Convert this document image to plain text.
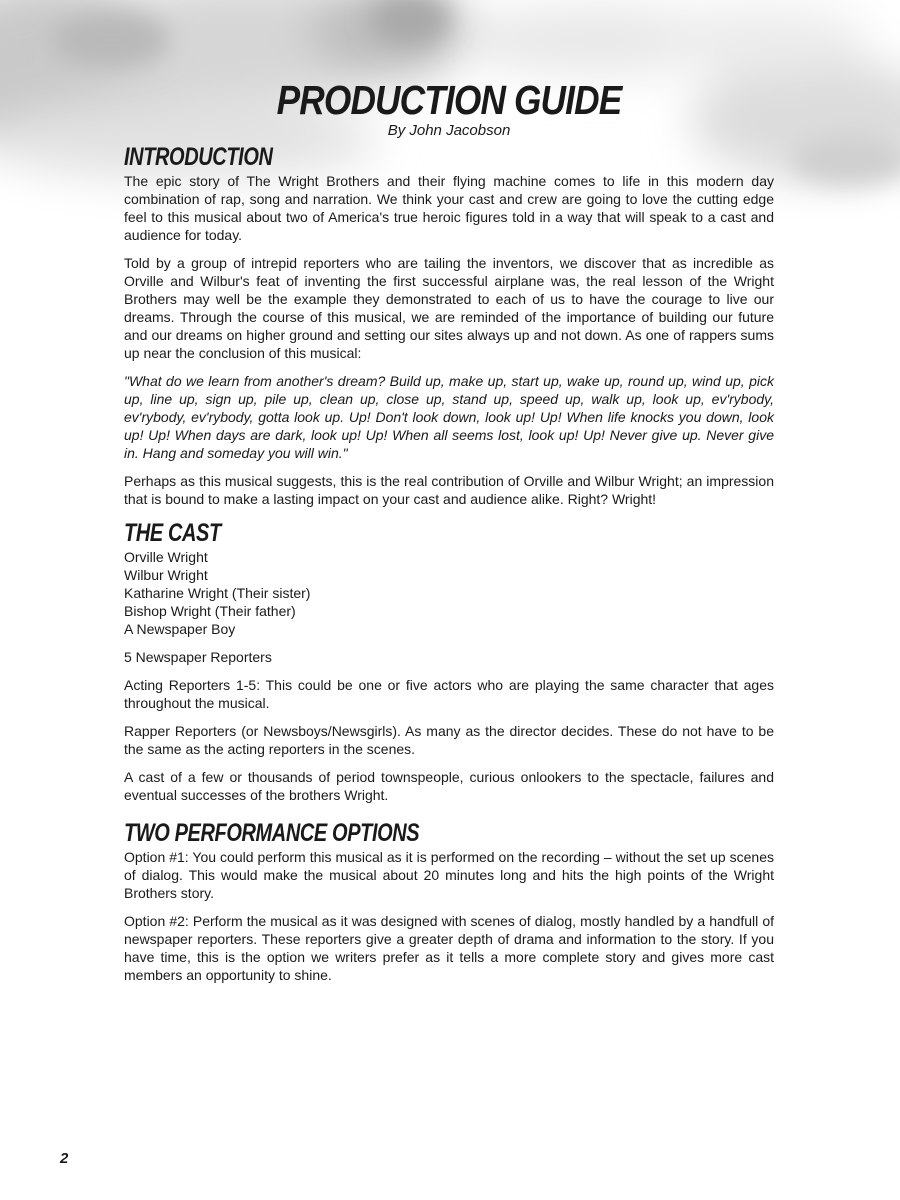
PRODUCTION GUIDE
By John Jacobson
INTRODUCTION

The epic story of The Wright Brothers and their flying machine comes to life in this modern day combination of rap, song and narration. We think your cast and crew are going to love the cutting edge feel to this musical about two of America's true heroic figures told in a way that will speak to a cast and audience for today.

Told by a group of intrepid reporters who are tailing the inventors, we discover that as incredible as Orville and Wilbur's feat of inventing the first successful airplane was, the real lesson of the Wright Brothers may well be the example they demonstrated to each of us to have the courage to live our dreams. Through the course of this musical, we are reminded of the importance of building our future and our dreams on higher ground and setting our sites always up and not down. As one of rappers sums up near the conclusion of this musical:

"What do we learn from another's dream? Build up, make up, start up, wake up, round up, wind up, pick up, line up, sign up, pile up, clean up, close up, stand up, speed up, walk up, look up, ev'rybody, ev'rybody, ev'rybody, gotta look up. Up! Don't look down, look up! Up! When life knocks you down, look up! Up! When days are dark, look up! Up! When all seems lost, look up! Up! Never give up. Never give in. Hang and someday you will win."

Perhaps as this musical suggests, this is the real contribution of Orville and Wilbur Wright; an impression that is bound to make a lasting impact on your cast and audience alike. Right? Wright!

THE CAST
Orville Wright
Wilbur Wright
Katharine Wright (Their sister)
Bishop Wright (Their father)
A Newspaper Boy

5 Newspaper Reporters

Acting Reporters 1-5: This could be one or five actors who are playing the same character that ages throughout the musical.

Rapper Reporters (or Newsboys/Newsgirls). As many as the director decides. These do not have to be the same as the acting reporters in the scenes.

A cast of a few or thousands of period townspeople, curious onlookers to the spectacle, failures and eventual successes of the brothers Wright.

TWO PERFORMANCE OPTIONS

Option #1: You could perform this musical as it is performed on the recording – without the set up scenes of dialog. This would make the musical about 20 minutes long and hits the high points of the Wright Brothers story.

Option #2: Perform the musical as it was designed with scenes of dialog, mostly handled by a handfull of newspaper reporters. These reporters give a greater depth of drama and information to the story. If you have time, this is the option we writers prefer as it tells a more complete story and gives more cast members an opportunity to shine.

2
